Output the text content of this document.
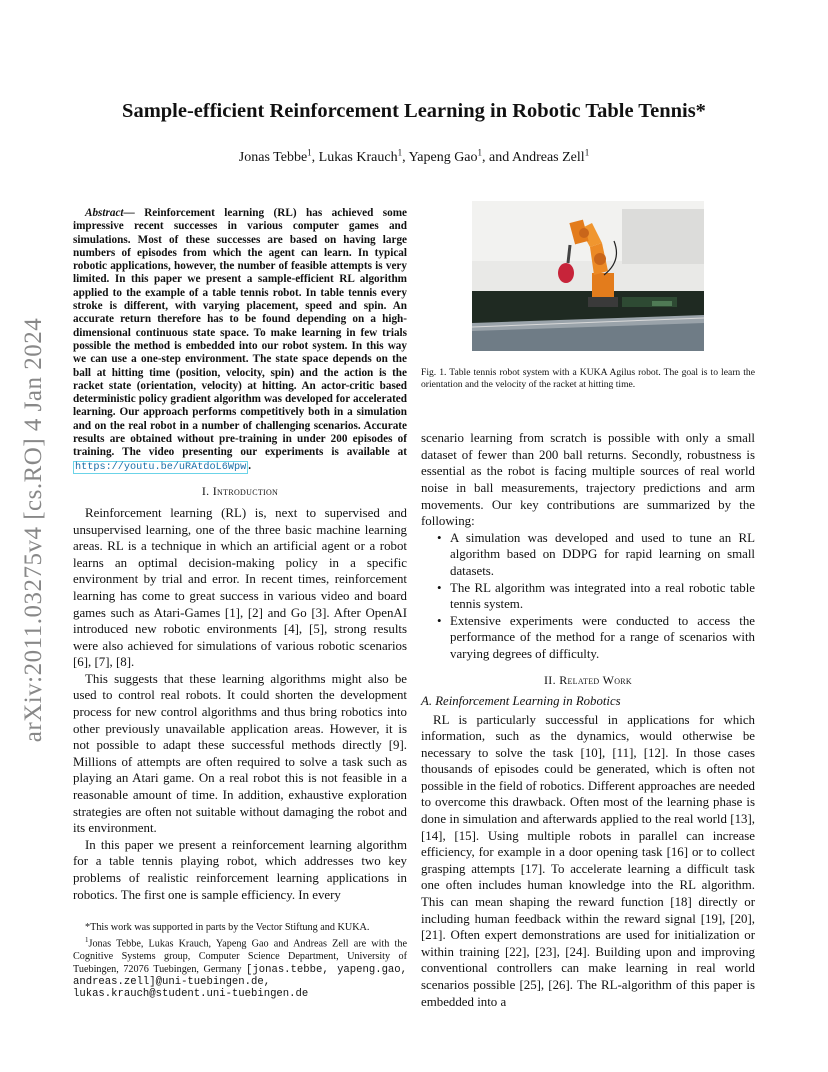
arXiv:2011.03275v4 [cs.RO] 4 Jan 2024
Sample-efficient Reinforcement Learning in Robotic Table Tennis*

Jonas Tebbe$^1$, Lukas Krauch$^1$, Yapeng Gao$^1$, and Andreas Zell$^1$

Abstract— Reinforcement learning (RL) has achieved some impressive recent successes in various computer games and simulations. Most of these successes are based on having large numbers of episodes from which the agent can learn. In typical robotic applications, however, the number of feasible attempts is very limited. In this paper we present a sample-efficient RL algorithm applied to the example of a table tennis robot. In table tennis every stroke is different, with varying placement, speed and spin. An accurate return therefore has to be found depending on a high-dimensional continuous state space. To make learning in few trials possible the method is embedded into our robot system. In this way we can use a one-step environment. The state space depends on the ball at hitting time (position, velocity, spin) and the action is the racket state (orientation, velocity) at hitting. An actor-critic based deterministic policy gradient algorithm was developed for accelerated learning. Our approach performs competitively both in a simulation and on the real robot in a number of challenging scenarios. Accurate results are obtained without pre-training in under 200 episodes of training. The video presenting our experiments is available at https://youtu.be/uRAtdoL6Wpw .

I. Introduction

Reinforcement learning (RL) is, next to supervised and unsupervised learning, one of the three basic machine learning areas. RL is a technique in which an artificial agent or a robot learns an optimal decision-making policy in a specific environment by trial and error. In recent times, reinforcement learning has come to great success in various video and board games such as Atari-Games [1], [2] and Go [3]. After OpenAI introduced new robotic environments [4], [5], strong results were also achieved for simulations of various robotic scenarios [6], [7], [8].

This suggests that these learning algorithms might also be used to control real robots. It could shorten the development process for new control algorithms and thus bring robotics into other previously unavailable application areas. However, it is not possible to adapt these successful methods directly [9]. Millions of attempts are often required to solve a task such as playing an Atari game. On a real robot this is not feasible in a reasonable amount of time. In addition, exhaustive exploration strategies are often not suitable without damaging the robot and its environment.

In this paper we present a reinforcement learning algorithm for a table tennis playing robot, which addresses two key problems of realistic reinforcement learning applications in robotics. The first one is sample efficiency. In every

*This work was supported in parts by the Vector Stiftung and KUKA.

$^1$Jonas Tebbe, Lukas Krauch, Yapeng Gao and Andreas Zell are with the Cognitive Systems group, Computer Science Department, University of Tuebingen, 72076 Tuebingen, Germany [jonas.tebbe, yapeng.gao, andreas.zell]@uni-tuebingen.de, lukas.krauch@student.uni-tuebingen.de

Fig. 1. Table tennis robot system with a KUKA Agilus robot. The goal is to learn the orientation and the velocity of the racket at hitting time.

scenario learning from scratch is possible with only a small dataset of fewer than 200 ball returns. Secondly, robustness is essential as the robot is facing multiple sources of real world noise in ball measurements, trajectory predictions and arm movements. Our key contributions are summarized by the following:

• A simulation was developed and used to tune an RL algorithm based on DDPG for rapid learning on small datasets.
• The RL algorithm was integrated into a real robotic table tennis system.
• Extensive experiments were conducted to access the performance of the method for a range of scenarios with varying degrees of difficulty.
II. Related Work
A. Reinforcement Learning in Robotics

RL is particularly successful in applications for which information, such as the dynamics, would otherwise be necessary to solve the task [10], [11], [12]. In those cases thousands of episodes could be generated, which is often not possible in the field of robotics. Different approaches are needed to overcome this drawback. Often most of the learning phase is done in simulation and afterwards applied to the real world [13], [14], [15]. Using multiple robots in parallel can increase efficiency, for example in a door opening task [16] or to collect grasping attempts [17]. To accelerate learning a difficult task one often includes human knowledge into the RL algorithm. This can mean shaping the reward function [18] directly or including human feedback within the reward signal [19], [20], [21]. Often expert demonstrations are used for initialization or within training [22], [23], [24]. Building upon and improving conventional controllers can make learning in real world scenarios possible [25], [26]. The RL-algorithm of this paper is embedded into a
